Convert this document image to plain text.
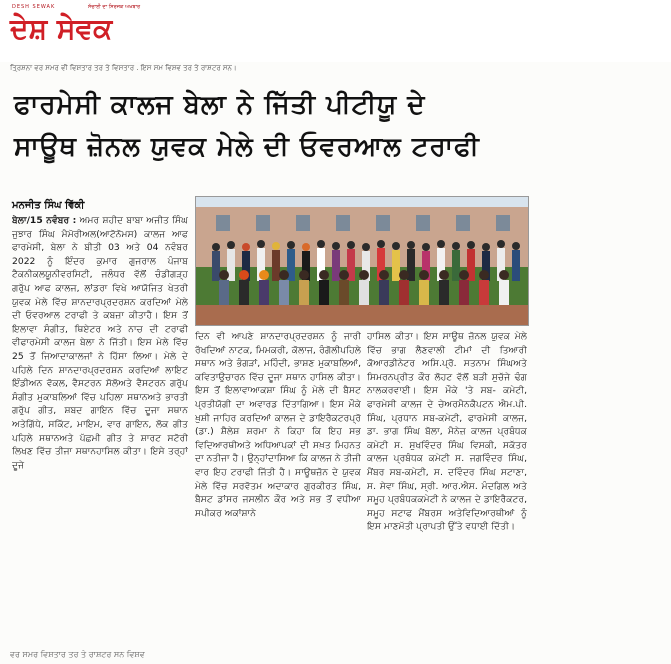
DESH SEWAK	ਸੱਚਾਈ ਦਾ ਸਿਰਜਕ ਅਖ਼ਬਾਰ
ਦੇਸ਼ ਸੇਵਕ
ਤ੍ਰਿਸ਼ਨਾ ਵਰ ਸਮਰ ਵੀ ਵਿਸ਼ਤਾਰ ਤਰ ਤੇ ਵਿਸਤਾਰ . ਇਸ ਸਮ ਵਿਸ਼ਵ ਤਰ ਤੇ ਰਾਸ਼ਟਰ ਸਨ।
ਫਾਰਮੇਸੀ ਕਾਲਜ ਬੇਲਾ ਨੇ ਜਿੱਤੀ ਪੀਟੀਯੂ ਦੇ
ਸਾਊਥ ਜ਼ੋਨਲ ਯੁਵਕ ਮੇਲੇ ਦੀ ਓਵਰਆਲ ਟਰਾਫੀ
ਮਨਜੀਤ ਸਿੰਘ ਵਿੱਕੀ

ਬੇਲਾ/15 ਨਵੰਬਰ : ਅਮਰ ਸ਼ਹੀਦ ਬਾਬਾ ਅਜੀਤ ਸਿੰਘ ਜੁਝਾਰ ਸਿੰਘ ਮੈਮੋਰੀਅਲ(ਆਟੋਨੋਮਸ) ਕਾਲਜ ਆਫ ਫਾਰਮੇਸੀ, ਬੇਲਾ ਨੇ ਬੀਤੀ 03 ਅਤੇ 04 ਨਵੰਬਰ 2022 ਨੂੰ ਇੰਦਰ ਕੁਮਾਰ ਗੁਜਰਾਲ ਪੰਜਾਬ ਟੈਕਨੀਕਲਯੂਨੀਵਰਸਿਟੀ, ਜਲੰਧਰ ਵੱਲੋਂ ਚੰਡੀਗੜ੍ਹ ਗਰੁੱਪ ਆਫ ਕਾਲਜ, ਲਾਂਡਰਾ ਵਿਖੇ ਆਯੋਜਿਤ ਖੇਤਰੀ ਯੁਵਕ ਮੇਲੇ ਵਿੱਚ ਸ਼ਾਨਦਾਰਪ੍ਰਦਰਸ਼ਨ ਕਰਦਿਆਂ ਮੇਲੇ ਦੀ ਓਵਰਆਲ ਟਰਾਫੀ ਤੇ ਕਬਜ਼ਾ ਕੀਤਾਹੈ। ਇਸ ਤੋਂ ਇਲਾਵਾ ਸੰਗੀਤ, ਥਿਏਟਰ ਅਤੇ ਨਾਚ ਦੀ ਟਰਾਫੀ ਵੀਫਾਰਮੇਸੀ ਕਾਲਜ ਬੇਲਾ ਨੇ ਜਿੱਤੀ। ਇਸ ਮੇਲੇ ਵਿੱਚ 25 ਤੋਂ ਜਿਆਦਾਕਾਲਜਾਂ ਨੇ ਹਿੱਸਾ ਲਿਆ। ਮੇਲੇ ਦੇ ਪਹਿਲੇ ਦਿਨ ਸ਼ਾਨਦਾਰਪ੍ਰਦਰਸ਼ਨ ਕਰਦਿਆਂ ਲਾਇਟ ਇੰਡੀਅਨ ਵੋਕਲ, ਵੈਸਟਰਨ ਸੋਲੋਅਤੇ ਵੈਸਟਰਨ ਗਰੁੱਪ ਸੰਗੀਤ ਮੁਕਾਬਲਿਆਂ ਵਿੱਚ ਪਹਿਲਾ ਸਥਾਨਅਤੇ ਭਾਰਤੀ ਗਰੁੱਪ ਗੀਤ, ਸ਼ਬਦ ਗਾਇਨ ਵਿੱਚ ਦੂਜਾ ਸਥਾਨ ਅਤੇਗਿੱਧੇ, ਸਕਿੱਟ, ਮਾਇਮ, ਵਾਰ ਗਾਇਨ, ਲੋਕ ਗੀਤ ਪਹਿਲੇ ਸਥਾਨਅਤੇ ਪੱਛਮੀ ਗੀਤ ਤੇ ਸ਼ਾਰਟ ਸਟੋਰੀ ਲਿਖਣ ਵਿੱਚ ਤੀਜਾ ਸਥਾਨਹਾਸਿਲ ਕੀਤਾ। ਇਸੇ ਤਰ੍ਹਾਂ ਦੂਜੇ

ਦਿਨ ਵੀ ਆਪਣੇ ਸ਼ਾਨਦਾਰਪ੍ਰਦਰਸ਼ਨ ਨੂੰ ਜਾਰੀ ਰੱਖਦਿਆਂ ਨਾਟਕ, ਮਿਮਕਰੀ, ਕੋਲਾਜ, ਰੰਗੋਲੀਪਹਿਲੇ ਸਥਾਨ ਅਤੇ ਭੰਗੜਾਂ, ਮਹਿੰਦੀ, ਭਾਸ਼ਣ ਮੁਕਾਬਲਿਆਂ, ਕਵਿਤਾਉਚਾਰਨ ਵਿੱਚ ਦੂਜਾ ਸਥਾਨ ਹਾਸਿਲ ਕੀਤਾ। ਇਸ ਤੋਂ ਇਲਾਵਾਆਕਸ਼ਾ ਸਿੰਘ ਨੂੰ ਮੇਲੇ ਦੀ ਬੈਸਟ ਪ੍ਰਤੀਯੋਗੀ ਦਾ ਅਵਾਰਡ ਦਿੱਤਾਗਿਆ। ਇਸ ਮੌਕੇ ਖ਼ੁਸ਼ੀ ਜਾਹਿਰ ਕਰਦਿਆਂ ਕਾਲਜ ਦੇ ਡਾਇਰੈਕਟਰਪ੍ਰੋ (ਡਾ.) ਸ਼ੈਲੇਸ਼ ਸ਼ਰਮਾ ਨੇ ਕਿਹਾ ਕਿ ਇਹ ਸਭ ਵਿਦਿਆਰਥੀਅਤੇ ਅਧਿਆਪਕਾਂ ਦੀ ਸਖ਼ਤ ਮਿਹਨਤ ਦਾ ਨਤੀਜਾ ਹੈ। ਉਨ੍ਹਾਂਦਾਸਿਆ ਕਿ ਕਾਲਜ ਨੇ ਤੀਜੀ ਵਾਰ ਇਹ ਟਰਾਫੀ ਜਿੱਤੀ ਹੈ। ਸਾਊਥਜ਼ੋਨ ਦੇ ਯੁਵਕ ਮੇਲੇ ਵਿੱਚ ਸਰਵੋਤਮ ਅਦਾਕਾਰ ਗੁਰਕੀਰਤ ਸਿੰਘ, ਬੈਸਟ ਡਾਂਸਰ ਜਸਲੀਨ ਕੌਰ ਅਤੇ ਸਭ ਤੋਂ ਵਧੀਆ ਸਪੀਕਰ ਅਕਾਂਸ਼ਾਨੇ

ਹਾਸਿਲ ਕੀਤਾ। ਇਸ ਸਾਊਥ ਜ਼ੋਨਲ ਯੁਵਕ ਮੇਲੇ ਵਿੱਚ ਭਾਗ ਲੈਣਵਾਲੀ ਟੀਮਾਂ ਦੀ ਤਿਆਰੀ ਕੋਆਰਡੀਨੇਟਰ ਅਸਿ.ਪ੍ਰੋ. ਸਤਨਾਮ ਸਿੰਘਅਤੇ ਸਿਮਰਨਪ੍ਰੀਤ ਕੌਰ ਲੋਹਟ ਵੱਲੋਂ ਬੜੀ ਸੁਚੱਜੇ ਢੰਗ ਨਾਲਕਰਵਾਈ। ਇਸ ਮੌਕੇ 'ਤੇ ਸਬ- ਕਮੇਟੀ, ਫਾਰਮੇਸੀ ਕਾਲਜ ਦੇ ਚੇਅਰਮੈਨਕੈਪਟਨ ਐਮ.ਪੀ. ਸਿੰਘ, ਪ੍ਰਧਾਨ ਸਬ-ਕਮੇਟੀ, ਫਾਰਮੇਸੀ ਕਾਲਜ, ਡਾ. ਭਾਗ ਸਿੰਘ ਬੋਲਾ, ਮੈਨੇਜ਼ ਕਾਲਜ ਪ੍ਰਬੰਧਕ ਕਮੇਟੀ ਸ. ਸੁਖਵਿੰਦਰ ਸਿੰਘ ਵਿਸਕੀ, ਸਕੱਤਰ ਕਾਲਜ ਪ੍ਰਬੰਧਕ ਕਮੇਟੀ ਸ. ਜਗਵਿੰਦਰ ਸਿੰਘ, ਮੈਂਬਰ ਸਬ-ਕਮੇਟੀ, ਸ. ਦਵਿੰਦਰ ਸਿੰਘ ਸਟਾਣਾ, ਸ. ਸੇਵਾ ਸਿੰਘ, ਸ੍ਰੀ. ਆਰ.ਐਸ. ਮੰਦਗਿਲ ਅਤੇ ਸਮੂਹ ਪ੍ਰਬੰਧਕਕਮੇਟੀ ਨੇ ਕਾਲਜ ਦੇ ਡਾਇਰੈਕਟਰ, ਸਮੂਹ ਸਟਾਫ ਮੈਂਬਰਸ ਅਤੇਵਿਦਿਆਰਥੀਆਂ ਨੂੰ ਇਸ ਮਾਣਮੱਤੀ ਪ੍ਰਾਪਤੀ ਉੱਤੇ ਵਧਾਈ ਦਿੱਤੀ।

ਵਰ ਸਮਰ ਵਿਸ਼ਤਾਰ ਤਰ ਤੇ ਰਾਸ਼ਟਰ ਸਨ ਵਿਸ਼ਵ
